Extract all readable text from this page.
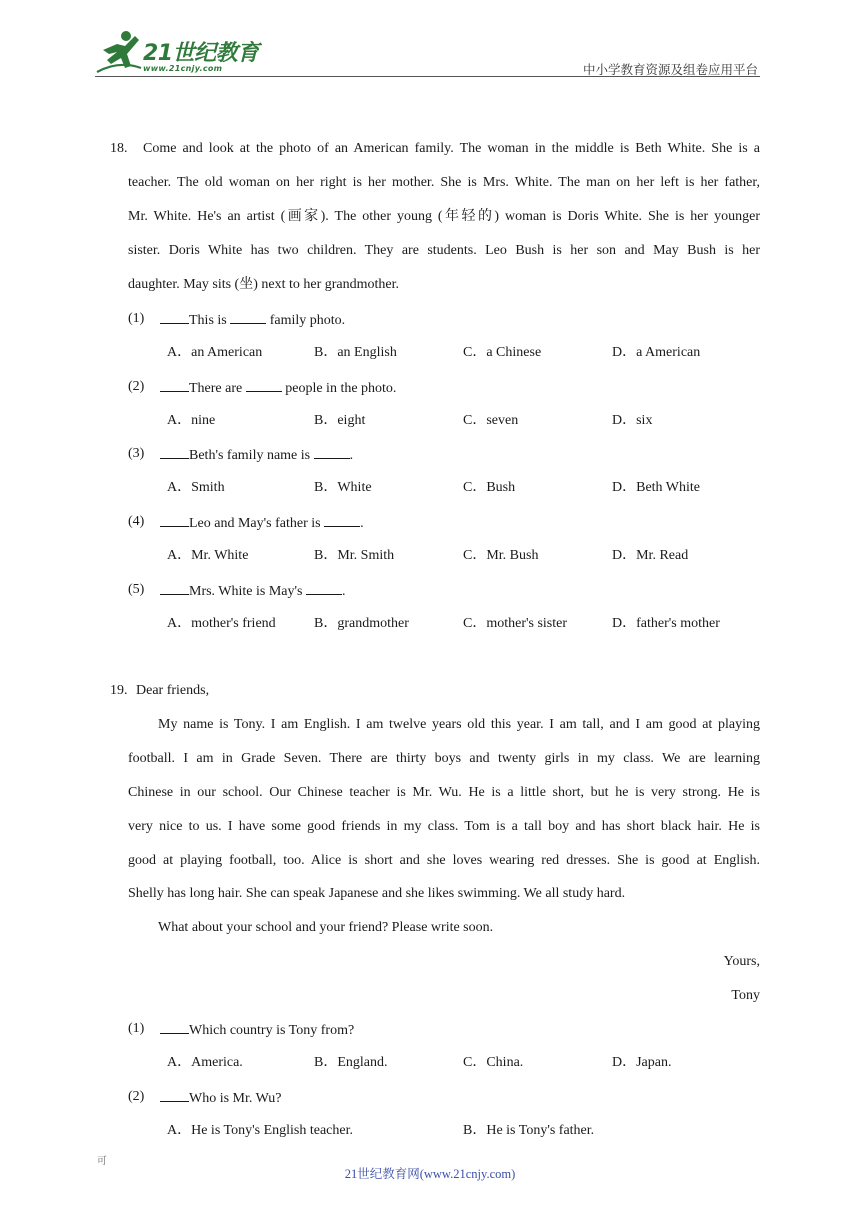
21世纪教育
www.21cnjy.com	中小学教育资源及组卷应用平台
18. Come and look at the photo of an American family. The woman in the middle is Beth White. She is a
teacher. The old woman on her right is her mother. She is Mrs. White. The man on her left is her father,
Mr. White. He's an artist (画家). The other young (年轻的) woman is Doris White. She is her younger
sister. Doris White has two children. They are students. Leo Bush is her son and May Bush is her
daughter. May sits (坐) next to her grandmother.
(1)	This is	family photo.
A．an American	B．an English	C．a Chinese	D．a American
(2)	There are	people in the photo.
A．nine	B．eight	C．seven	D．six
(3)	Beth's family name is	.
A．Smith	B．White	C．Bush	D．Beth White
(4)	Leo and May's father is	.
A．Mr. White	B．Mr. Smith	C．Mr. Bush	D．Mr. Read
(5)	Mrs. White is May's	.
A．mother's friend	B．grandmother	C．mother's sister	D．father's mother
19. Dear friends,
My name is Tony. I am English. I am twelve years old this year. I am tall, and I am good at playing
football. I am in Grade Seven. There are thirty boys and twenty girls in my class. We are learning
Chinese in our school. Our Chinese teacher is Mr. Wu. He is a little short, but he is very strong. He is
very nice to us. I have some good friends in my class. Tom is a tall boy and has short black hair. He is
good at playing football, too. Alice is short and she loves wearing red dresses. She is good at English.
Shelly has long hair. She can speak Japanese and she likes swimming. We all study hard.
What about your school and your friend? Please write soon.
Yours,
Tony
(1)	Which country is Tony from?
A．America.	B．England.	C．China.	D．Japan.
(2)	Who is Mr. Wu?
A．He is Tony's English teacher.	B．He is Tony's father.
可
21世纪教育网(www.21cnjy.com)
